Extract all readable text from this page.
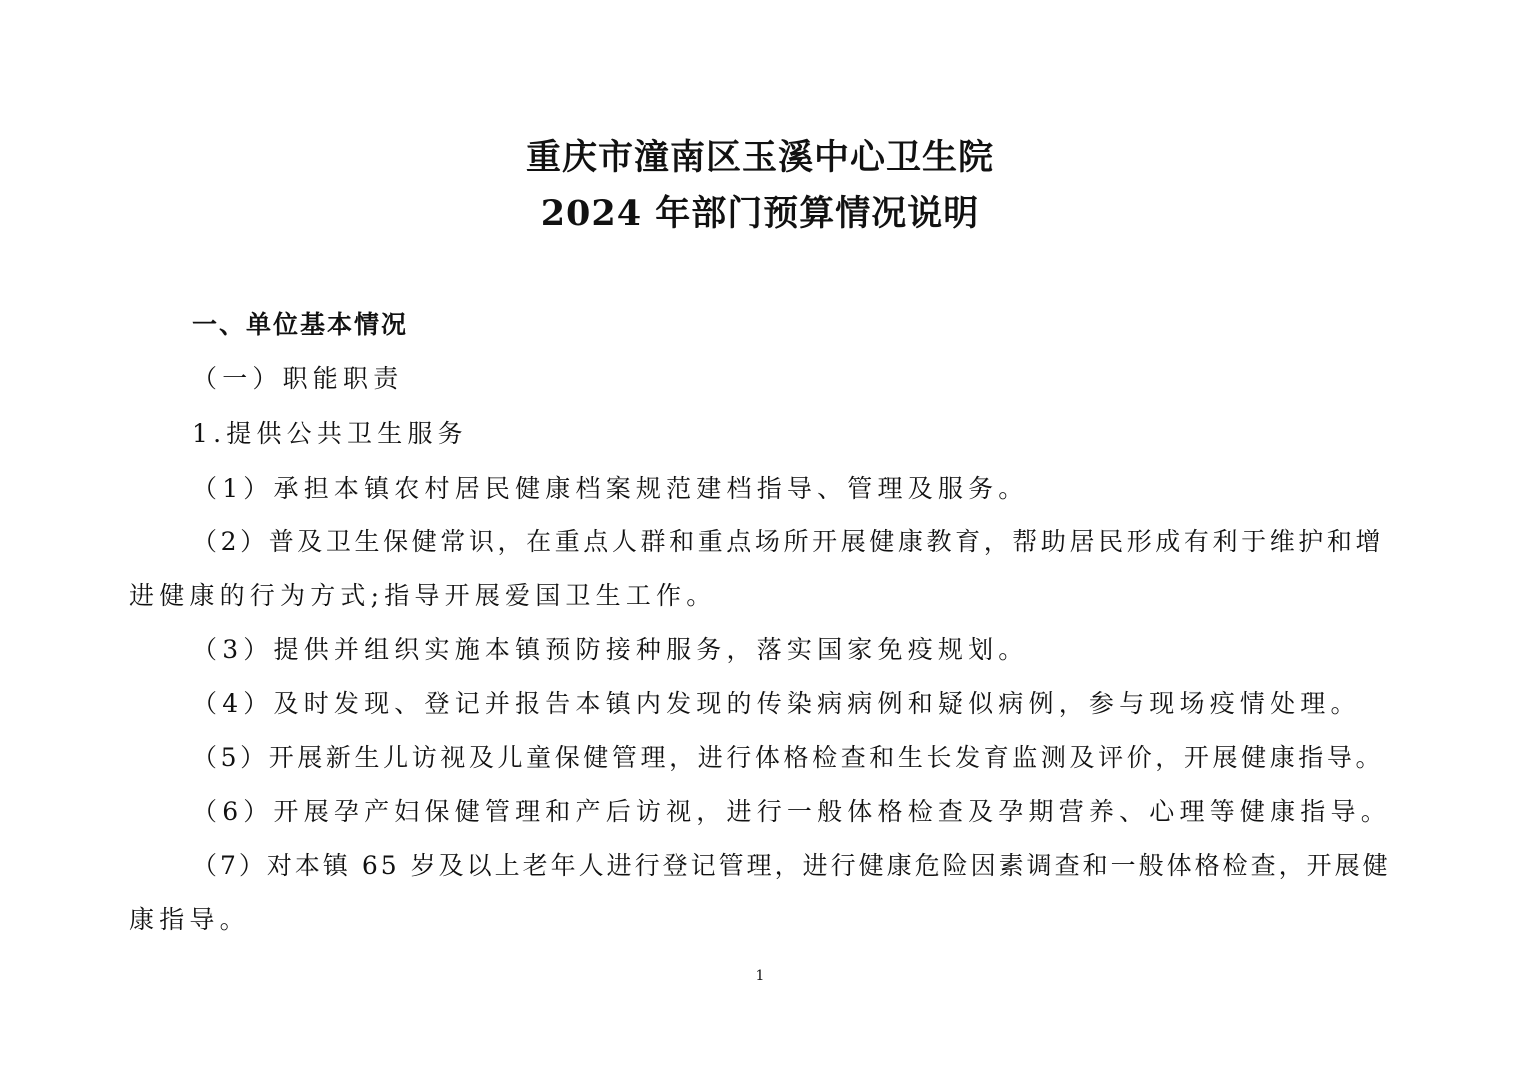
重庆市潼南区玉溪中心卫生院
2024 年部门预算情况说明

一、单位基本情况

（一）职能职责

1.提供公共卫生服务

（1）承担本镇农村居民健康档案规范建档指导、管理及服务。

（2）普及卫生保健常识，在重点人群和重点场所开展健康教育，帮助居民形成有利于维护和增

进健康的行为方式;指导开展爱国卫生工作。

（3）提供并组织实施本镇预防接种服务，落实国家免疫规划。

（4）及时发现、登记并报告本镇内发现的传染病病例和疑似病例，参与现场疫情处理。

（5）开展新生儿访视及儿童保健管理，进行体格检查和生长发育监测及评价，开展健康指导。

（6）开展孕产妇保健管理和产后访视，进行一般体格检查及孕期营养、心理等健康指导。

（7）对本镇 65 岁及以上老年人进行登记管理，进行健康危险因素调查和一般体格检查，开展健

康指导。

1
